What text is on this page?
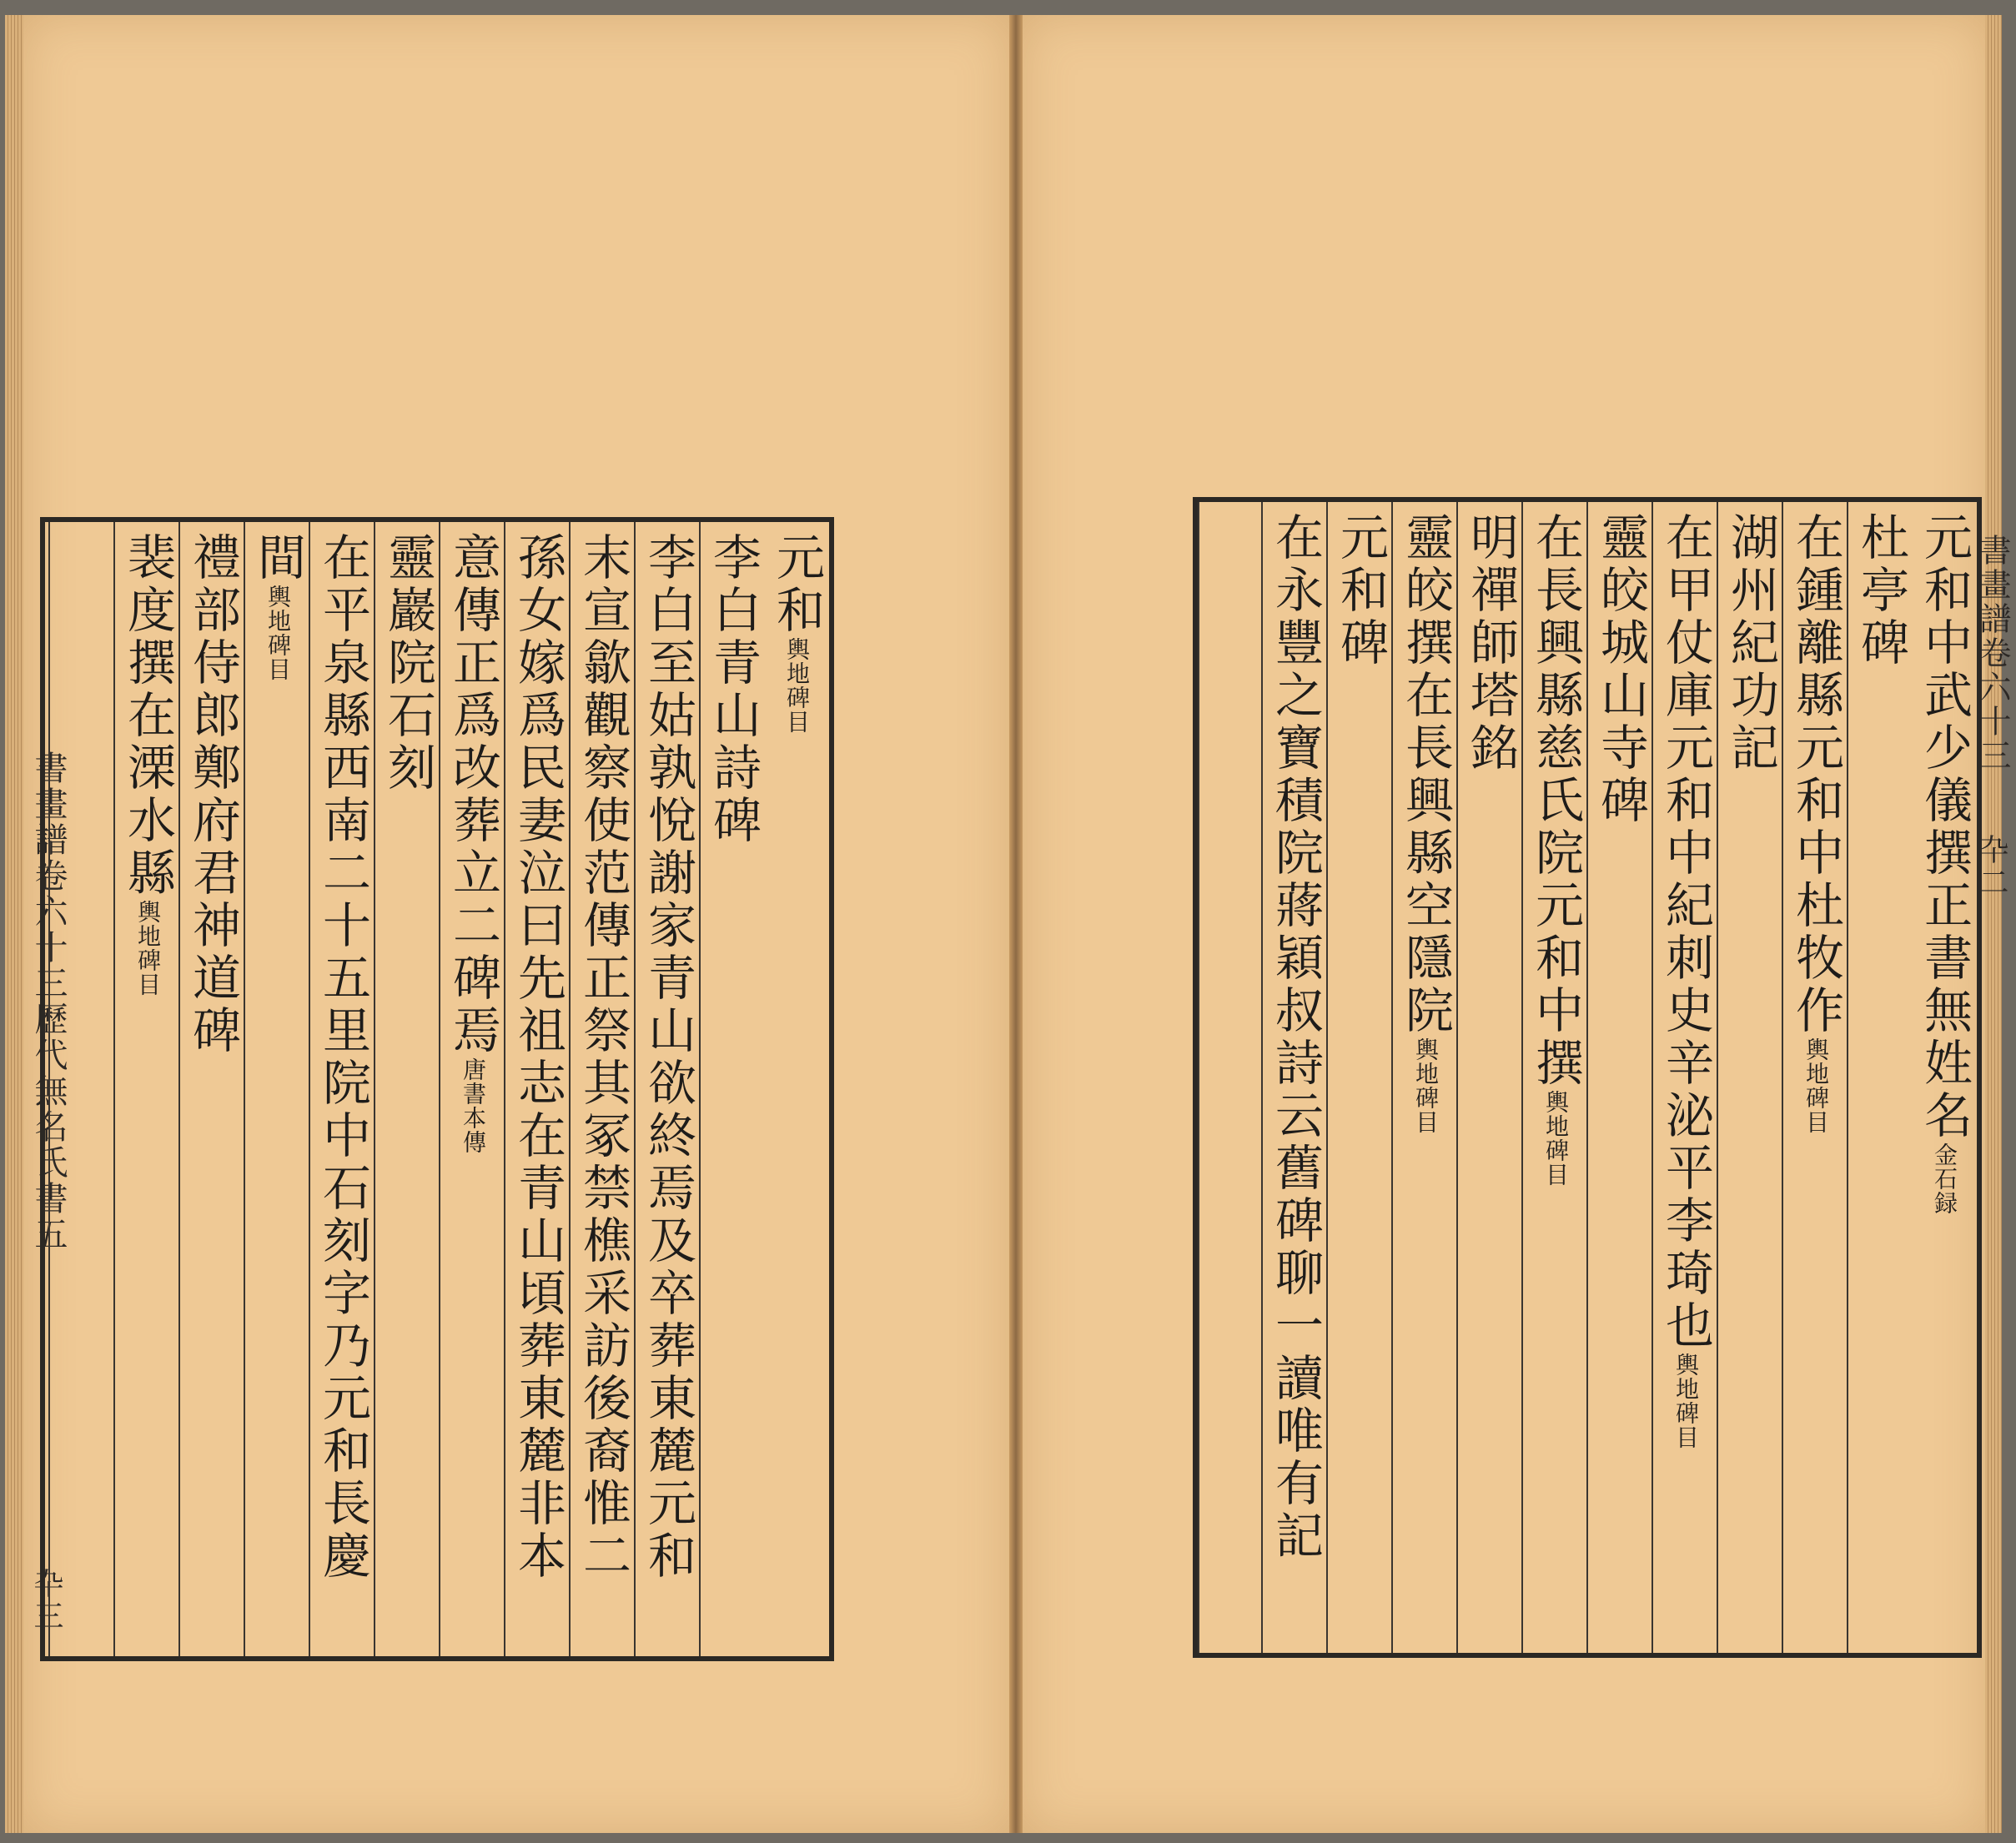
書畫譜卷六十三歷代無名氏書五
卆三
書畫譜卷六十三
卆二
元和輿地碑目
李白青山詩碑
李白至姑孰悅謝家青山欲終焉及卒葬東麓元和
末宣歙觀察使范傳正祭其冢禁樵采訪後裔惟二
孫女嫁爲民妻泣曰先祖志在青山頃葬東麓非本
意傳正爲改葬立二碑焉唐書本傳
靈巖院石刻
在平泉縣西南二十五里院中石刻字乃元和長慶
間輿地碑目
禮部侍郎鄭府君神道碑
裴度撰在溧水縣輿地碑目	元和中武少儀撰正書無姓名金石録
杜亭碑
在鍾離縣元和中杜牧作輿地碑目
湖州紀功記
在甲仗庫元和中紀刺史辛泌平李琦也輿地碑目
靈皎城山寺碑
在長興縣慈氏院元和中撰輿地碑目
明禪師塔銘
靈皎撰在長興縣空隱院輿地碑目
元和碑
在永豐之寶積院蔣穎叔詩云舊碑聊一讀唯有記
